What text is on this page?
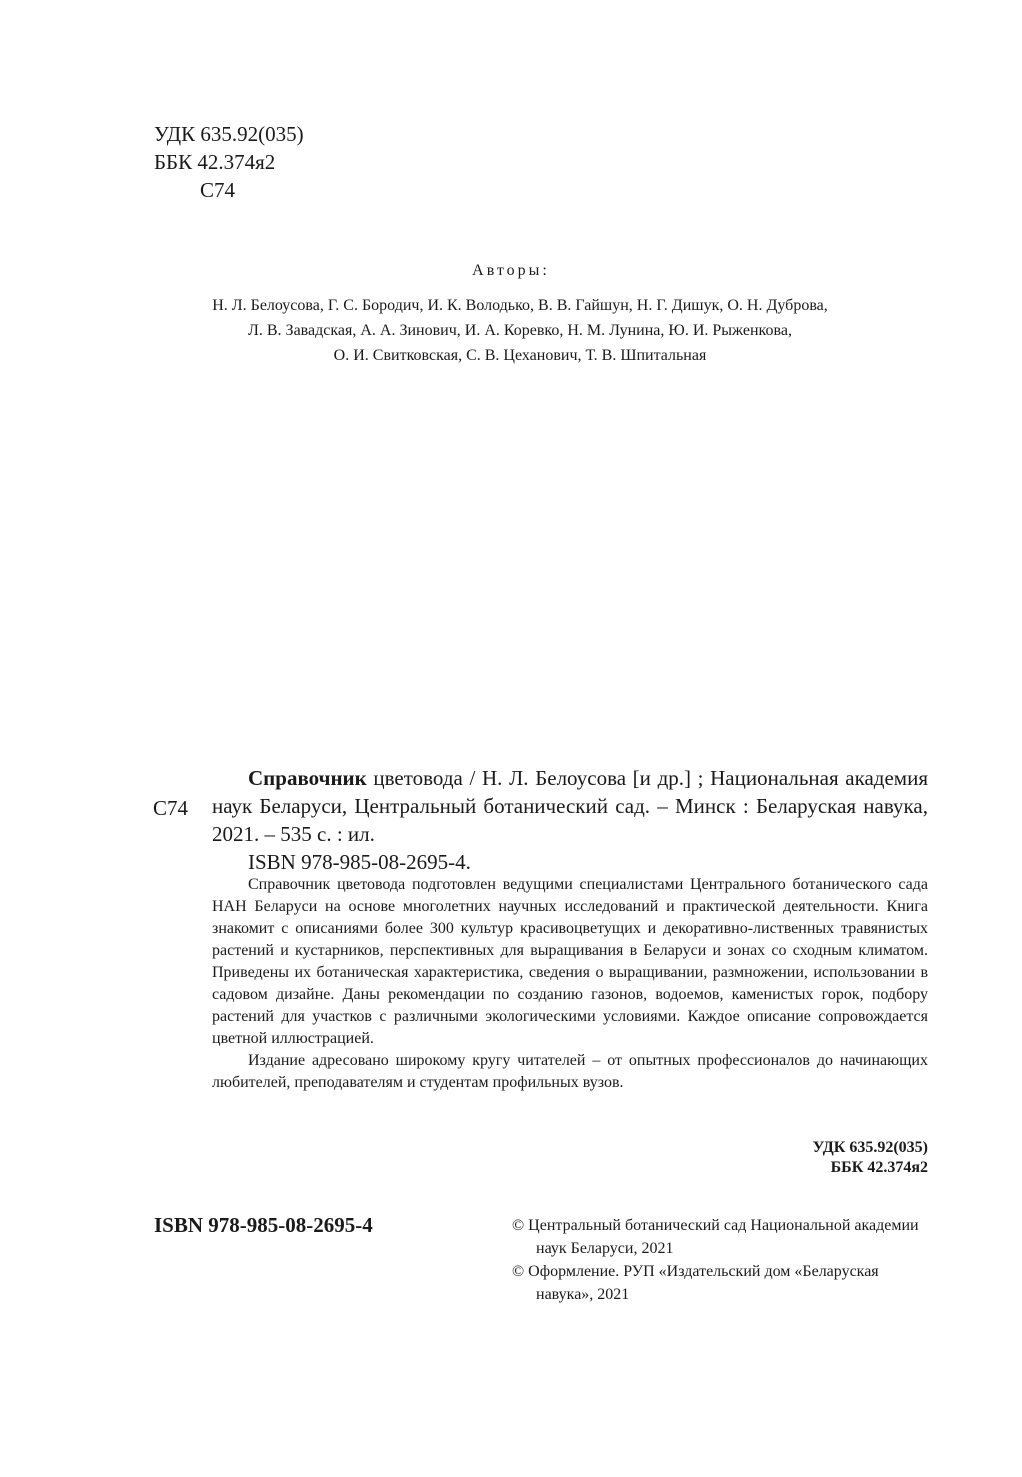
УДК 635.92(035)
ББК 42.374я2
С74
Авторы:
Н. Л. Белоусова, Г. С. Бородич, И. К. Володько, В. В. Гайшун, Н. Г. Дишук, О. Н. Дуброва,
Л. В. Завадская, А. А. Зинович, И. А. Коревко, Н. М. Лунина, Ю. И. Рыженкова,
О. И. Свитковская, С. В. Цеханович, Т. В. Шпитальная
С74

Справочник цветовода / Н. Л. Белоусова [и др.] ; Национальная академия наук Беларуси, Центральный ботанический сад. – Минск : Беларуская навука, 2021. – 535 с. : ил.

ISBN 978-985-08-2695-4.

Справочник цветовода подготовлен ведущими специалистами Центрального ботанического сада НАН Беларуси на основе многолетних научных исследований и практической деятельности. Книга знакомит с описаниями более 300 культур красивоцветущих и декоративно-лиственных травянистых растений и кустарников, перспективных для выращивания в Беларуси и зонах со сходным климатом. Приведены их ботаническая характеристика, сведения о выращивании, размножении, использовании в садовом дизайне. Даны рекомендации по созданию газонов, водоемов, каменистых горок, подбору растений для участков с различными экологическими условиями. Каждое описание сопровождается цветной иллюстрацией.

Издание адресовано широкому кругу читателей – от опытных профессионалов до начинающих любителей, преподавателям и студентам профильных вузов.

УДК 635.92(035)
ББК 42.374я2
ISBN 978-985-08-2695-4	© Центральный ботанический сад Национальной академии наук Беларуси, 2021
© Оформление. РУП «Издательский дом «Беларуская навука», 2021
